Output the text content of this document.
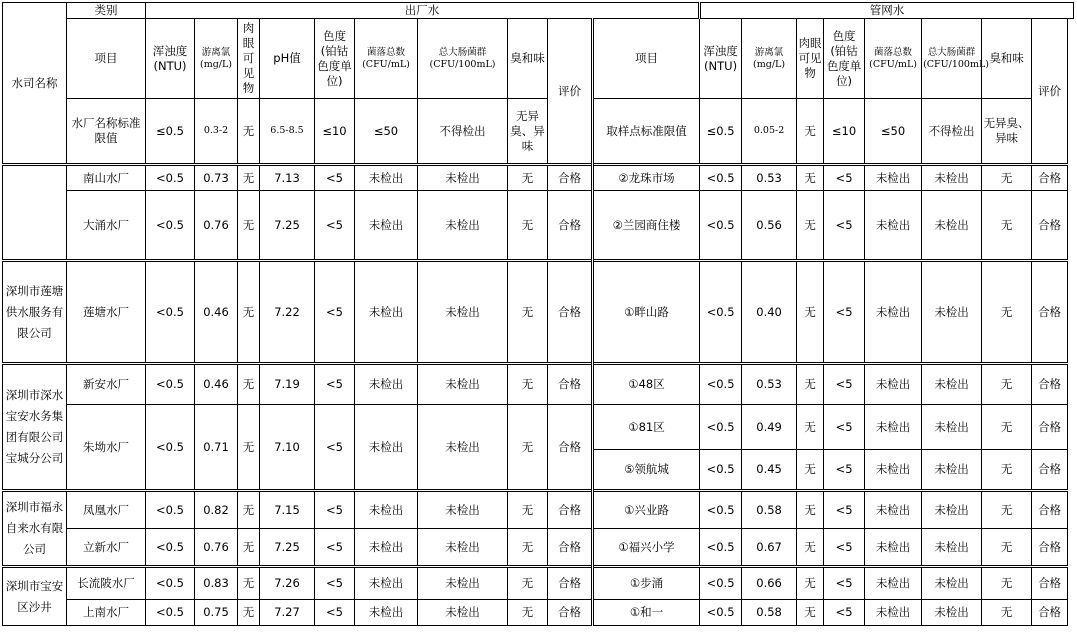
水司名称	类别	出厂水										管网水							
	项目	浑浊度(NTU)	游离氯(mg/L)	肉眼可见物	pH值	色度(铂钴色度单位)	菌落总数(CFU/mL)	总大肠菌群(CFU/100mL)	臭和味	评价	项目	浑浊度(NTU)	游离氯(mg/L)	肉眼可见物	色度(铂钴色度单位)	菌落总数(CFU/mL)	总大肠菌群(CFU/100mL)	臭和味	评价
	水厂名称标准限值	≤0.5	0.3-2	无	6.5-8.5	≤10	≤50	不得检出	无异臭、异味		取样点标准限值	≤0.5	0.05-2	无	≤10	≤50	不得检出	无异臭、异味	
	南山水厂	<0.5	0.73	无	7.13	<5	未检出	未检出	无	合格	②龙珠市场	<0.5	0.53	无	<5	未检出	未检出	无	合格
	大涌水厂	<0.5	0.76	无	7.25	<5	未检出	未检出	无	合格	②兰园商住楼	<0.5	0.56	无	<5	未检出	未检出	无	合格
深圳市莲塘供水服务有限公司	莲塘水厂	<0.5	0.46	无	7.22	<5	未检出	未检出	无	合格	①畔山路	<0.5	0.40	无	<5	未检出	未检出	无	合格
深圳市深水宝安水务集团有限公司宝城分公司	新安水厂	<0.5	0.46	无	7.19	<5	未检出	未检出	无	合格	①48区	<0.5	0.53	无	<5	未检出	未检出	无	合格
	朱坳水厂	<0.5	0.71	无	7.10	<5	未检出	未检出	无	合格	①81区	<0.5	0.49	无	<5	未检出	未检出	无	合格
											⑤领航城	<0.5	0.45	无	<5	未检出	未检出	无	合格
深圳市福永自来水有限公司	凤凰水厂	<0.5	0.82	无	7.15	<5	未检出	未检出	无	合格	①兴业路	<0.5	0.58	无	<5	未检出	未检出	无	合格
	立新水厂	<0.5	0.76	无	7.25	<5	未检出	未检出	无	合格	①福兴小学	<0.5	0.67	无	<5	未检出	未检出	无	合格
深圳市宝安区沙井	长流陂水厂	<0.5	0.83	无	7.26	<5	未检出	未检出	无	合格	①步涌	<0.5	0.66	无	<5	未检出	未检出	无	合格
	上南水厂	<0.5	0.75	无	7.27	<5	未检出	未检出	无	合格	①和一	<0.5	0.58	无	<5	未检出	未检出	无	合格
